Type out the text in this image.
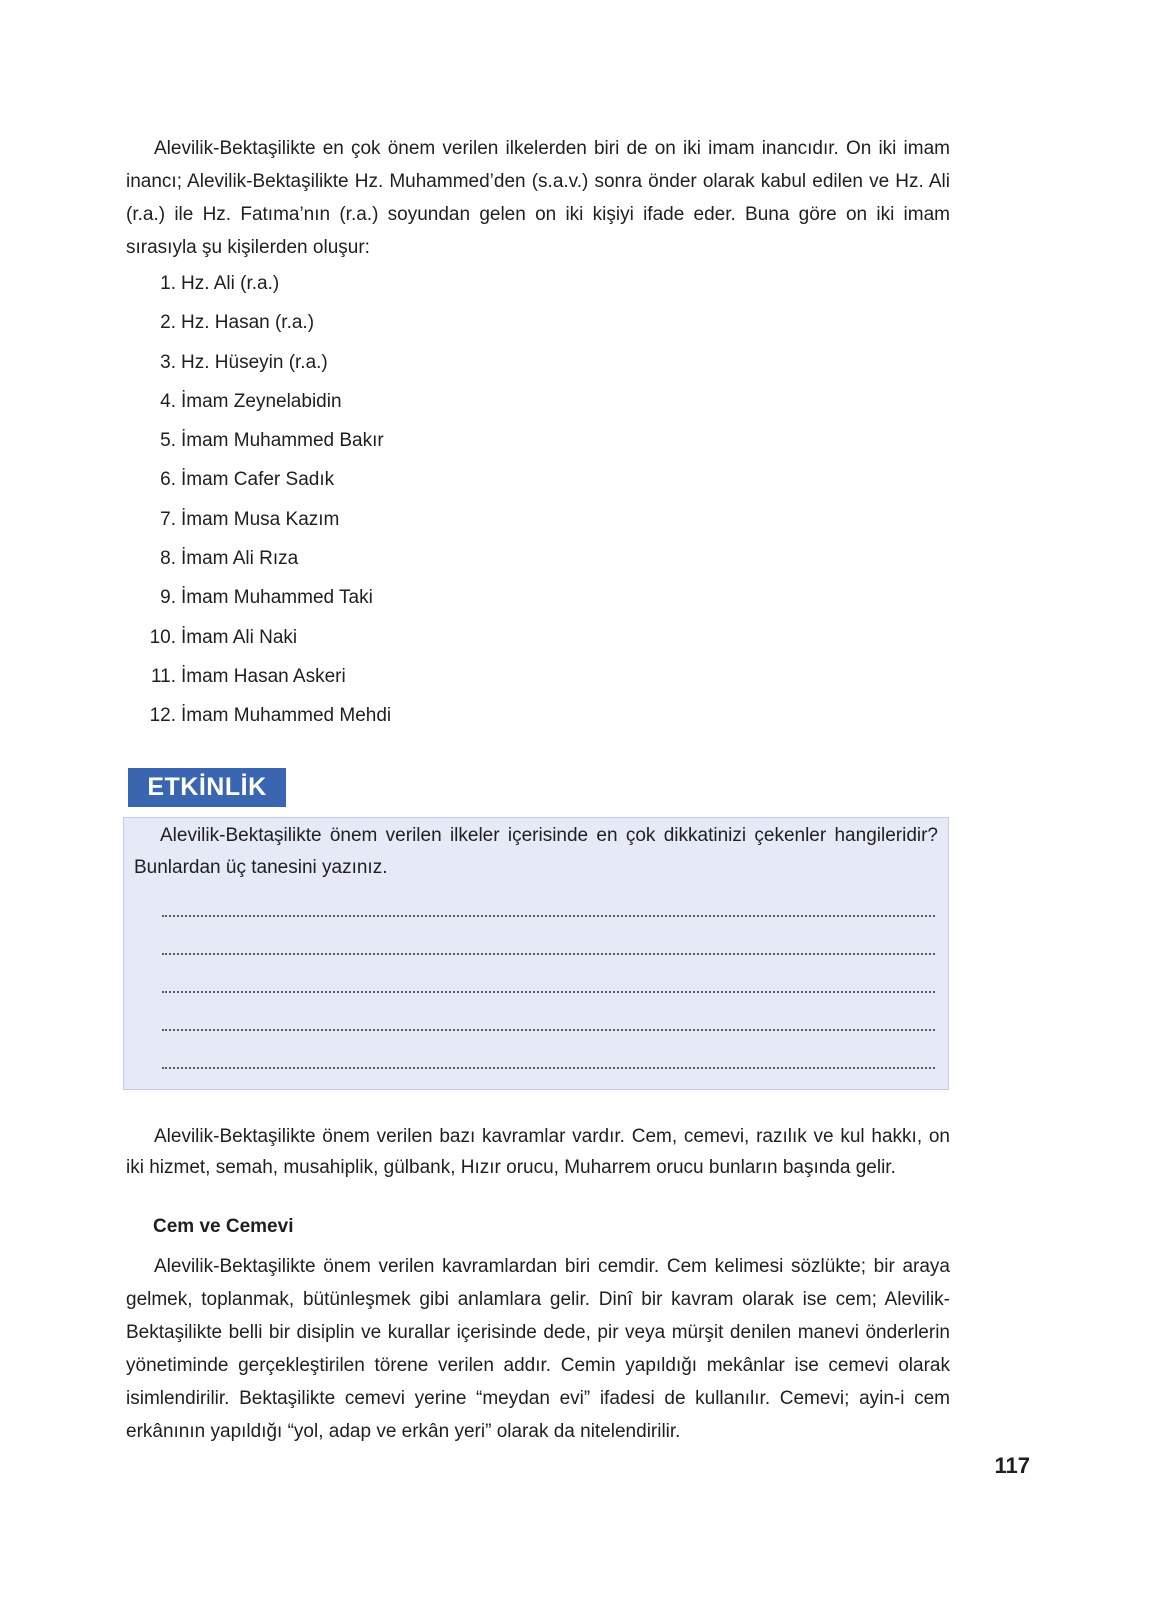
Alevilik-Bektaşilikte en çok önem verilen ilkelerden biri de on iki imam inancıdır. On iki imam inancı; Alevilik-Bektaşilikte Hz. Muhammed’den (s.a.v.) sonra önder olarak kabul edilen ve Hz. Ali (r.a.) ile Hz. Fatıma’nın (r.a.) soyundan gelen on iki kişiyi ifade eder. Buna göre on iki imam sırasıyla şu kişilerden oluşur:

1. Hz. Ali (r.a.)
2. Hz. Hasan (r.a.)
3. Hz. Hüseyin (r.a.)
4. İmam Zeynelabidin
5. İmam Muhammed Bakır
6. İmam Cafer Sadık
7. İmam Musa Kazım
8. İmam Ali Rıza
9. İmam Muhammed Taki
10. İmam Ali Naki
11. İmam Hasan Askeri
12. İmam Muhammed Mehdi
ETKİNLİK

Alevilik-Bektaşilikte önem verilen ilkeler içerisinde en çok dikkatinizi çekenler hangileridir? Bunlardan üç tanesini yazınız.

Alevilik-Bektaşilikte önem verilen bazı kavramlar vardır. Cem, cemevi, razılık ve kul hakkı, on iki hizmet, semah, musahiplik, gülbank, Hızır orucu, Muharrem orucu bunların başında gelir.

Cem ve Cemevi

Alevilik-Bektaşilikte önem verilen kavramlardan biri cemdir. Cem kelimesi sözlükte; bir araya gelmek, toplanmak, bütünleşmek gibi anlamlara gelir. Dinî bir kavram olarak ise cem; Alevilik- Bektaşilikte belli bir disiplin ve kurallar içerisinde dede, pir veya mürşit denilen manevi önderlerin yönetiminde gerçekleştirilen törene verilen addır. Cemin yapıldığı mekânlar ise cemevi olarak isimlendirilir. Bektaşilikte cemevi yerine “meydan evi” ifadesi de kullanılır. Cemevi; ayin-i cem erkânının yapıldığı “yol, adap ve erkân yeri” olarak da nitelendirilir.

117
